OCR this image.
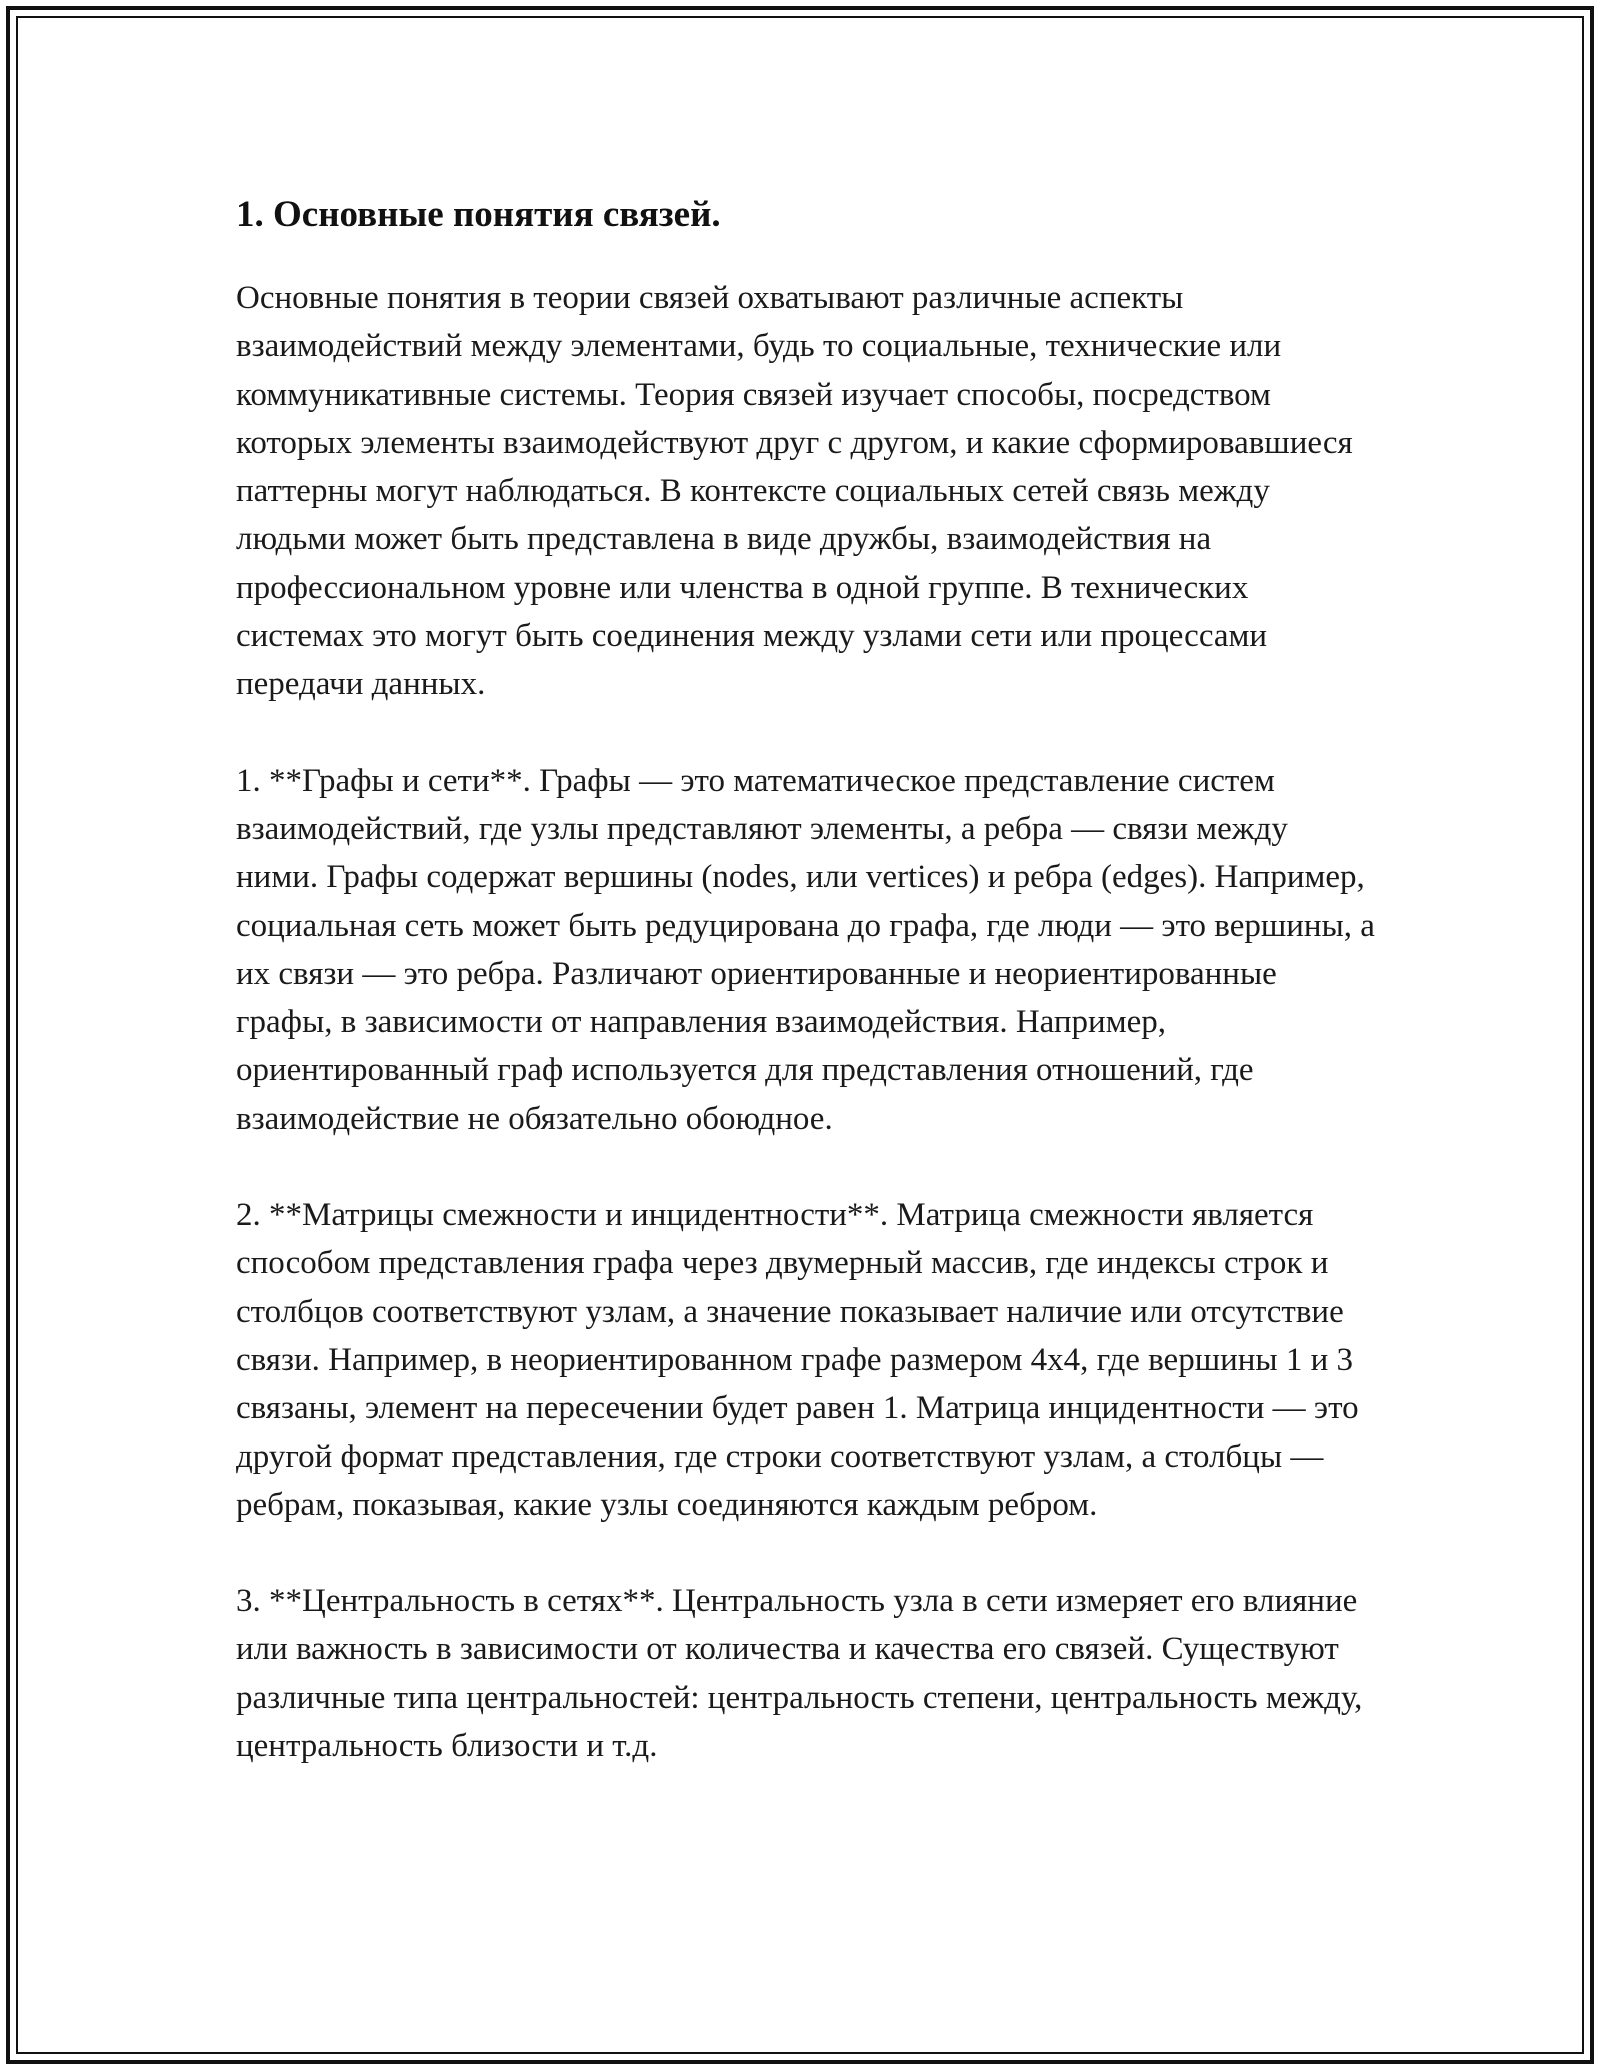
1. Основные понятия связей.

Основные понятия в теории связей охватывают различные аспекты взаимодействий между элементами, будь то социальные, технические или коммуникативные системы. Теория связей изучает способы, посредством которых элементы взаимодействуют друг с другом, и какие сформировавшиеся паттерны могут наблюдаться. В контексте социальных сетей связь между людьми может быть представлена в виде дружбы, взаимодействия на профессиональном уровне или членства в одной группе. В технических системах это могут быть соединения между узлами сети или процессами передачи данных.

1. **Графы и сети**. Графы — это математическое представление систем взаимодействий, где узлы представляют элементы, а ребра — связи между ними. Графы содержат вершины (nodes, или vertices) и ребра (edges). Например, социальная сеть может быть редуцирована до графа, где люди — это вершины, а их связи — это ребра. Различают ориентированные и неориентированные графы, в зависимости от направления взаимодействия. Например, ориентированный граф используется для представления отношений, где взаимодействие не обязательно обоюдное.

2. **Матрицы смежности и инцидентности**. Матрица смежности является способом представления графа через двумерный массив, где индексы строк и столбцов соответствуют узлам, а значение показывает наличие или отсутствие связи. Например, в неориентированном графе размером 4x4, где вершины 1 и 3 связаны, элемент на пересечении будет равен 1. Матрица инцидентности — это другой формат представления, где строки соответствуют узлам, а столбцы — ребрам, показывая, какие узлы соединяются каждым ребром.

3. **Центральность в сетях**. Центральность узла в сети измеряет его влияние или важность в зависимости от количества и качества его связей. Существуют различные типа центральностей: центральность степени, центральность между, центральность близости и т.д.
